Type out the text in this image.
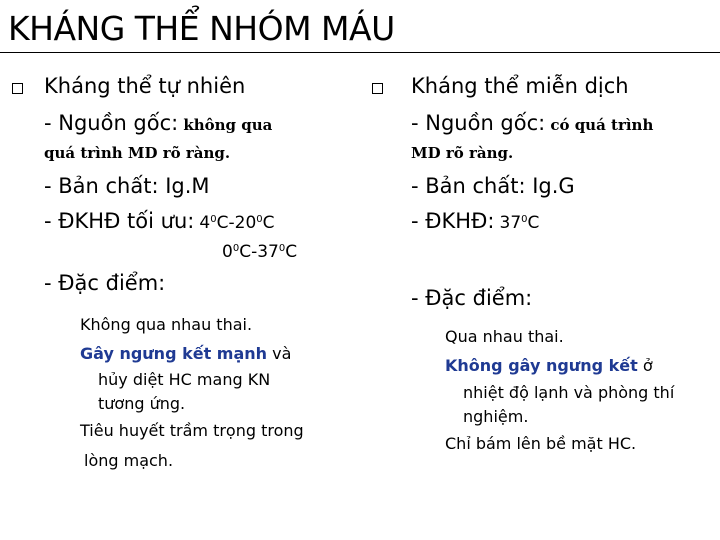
KHÁNG THỂ NHÓM MÁU
Kháng thể tự nhiên
- Nguồn gốc: không qua
quá trình MD rõ ràng.
- Bản chất: Ig.M
- ĐKHĐ tối ưu: $4^0C-20^0C$
$0^0C-37^0C$
- Đặc điểm:
Không qua nhau thai.
Gây ngưng kết mạnh và
hủy diệt HC mang KN
tương ứng.
Tiêu huyết trầm trọng trong
lòng mạch.
Kháng thể miễn dịch
- Nguồn gốc: có quá trình
MD rõ ràng.
- Bản chất: Ig.G
- ĐKHĐ: $37^0C$
- Đặc điểm:
Qua nhau thai.
Không gây ngưng kết ở
nhiệt độ lạnh và phòng thí
nghiệm.
Chỉ bám lên bề mặt HC.
